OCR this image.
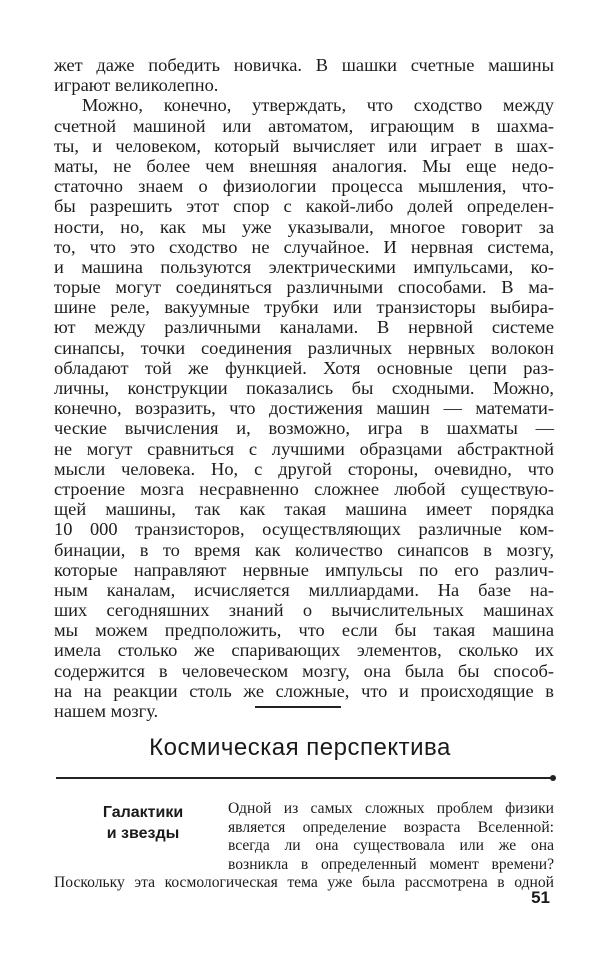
жет даже победить новичка. В шашки счетные машины
играют великолепно.
Можно, конечно, утверждать, что сходство между
счетной машиной или автоматом, играющим в шахма-
ты, и человеком, который вычисляет или играет в шах-
маты, не более чем внешняя аналогия. Мы еще недо-
статочно знаем о физиологии процесса мышления, что-
бы разрешить этот спор с какой-либо долей определен-
ности, но, как мы уже указывали, многое говорит за
то, что это сходство не случайное. И нервная система,
и машина пользуются электрическими импульсами, ко-
торые могут соединяться различными способами. В ма-
шине реле, вакуумные трубки или транзисторы выбира-
ют между различными каналами. В нервной системе
синапсы, точки соединения различных нервных волокон
обладают той же функцией. Хотя основные цепи раз-
личны, конструкции показались бы сходными. Можно,
конечно, возразить, что достижения машин — математи-
ческие вычисления и, возможно, игра в шахматы —
не могут сравниться с лучшими образцами абстрактной
мысли человека. Но, с другой стороны, очевидно, что
строение мозга несравненно сложнее любой существую-
щей машины, так как такая машина имеет порядка
10 000 транзисторов, осуществляющих различные ком-
бинации, в то время как количество синапсов в мозгу,
которые направляют нервные импульсы по его различ-
ным каналам, исчисляется миллиардами. На базе на-
ших сегодняшних знаний о вычислительных машинах
мы можем предположить, что если бы такая машина
имела столько же спаривающих элементов, сколько их
содержится в человеческом мозгу, она была бы способ-
на на реакции столь же сложные, что и происходящие в
нашем мозгу.
Космическая перспектива
Галактики
и звезды
Одной из самых сложных проблем физики
является определение возраста Вселенной:
всегда ли она существовала или же она
возникла в определенный момент времени?
Поскольку эта космологическая тема уже была рассмотрена в одной
51
